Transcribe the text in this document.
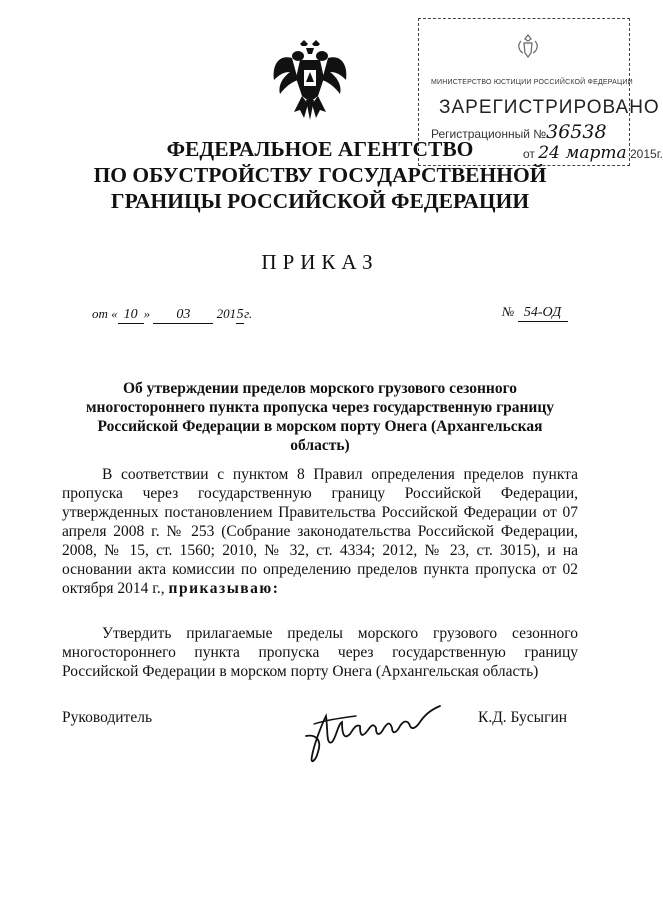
МИНИСТЕРСТВО ЮСТИЦИИ РОССИЙСКОЙ ФЕДЕРАЦИИ
ЗАРЕГИСТРИРОВАНО
Регистрационный №36538
от 24 марта 2015г.
ФЕДЕРАЛЬНОЕ АГЕНТСТВО
ПО ОБУСТРОЙСТВУ ГОСУДАРСТВЕННОЙ
ГРАНИЦЫ РОССИЙСКОЙ ФЕДЕРАЦИИ
ПРИКАЗ
от « 10 » 03 2015г.	№ 54-ОД
Об утверждении пределов морского грузового сезонного многостороннего пункта пропуска через государственную границу Российской Федерации в морском порту Онега (Архангельская область)
В соответствии с пунктом 8 Правил определения пределов пункта пропуска через государственную границу Российской Федерации, утвержденных постановлением Правительства Российской Федерации от 07 апреля 2008 г. № 253 (Собрание законодательства Российской Федерации, 2008, № 15, ст. 1560; 2010, № 32, ст. 4334; 2012, № 23, ст. 3015), и на основании акта комиссии по определению пределов пункта пропуска от 02 октября 2014 г., приказываю:
Утвердить прилагаемые пределы морского грузового сезонного многостороннего пункта пропуска через государственную границу Российской Федерации в морском порту Онега (Архангельская область)
Руководитель	К.Д. Бусыгин
